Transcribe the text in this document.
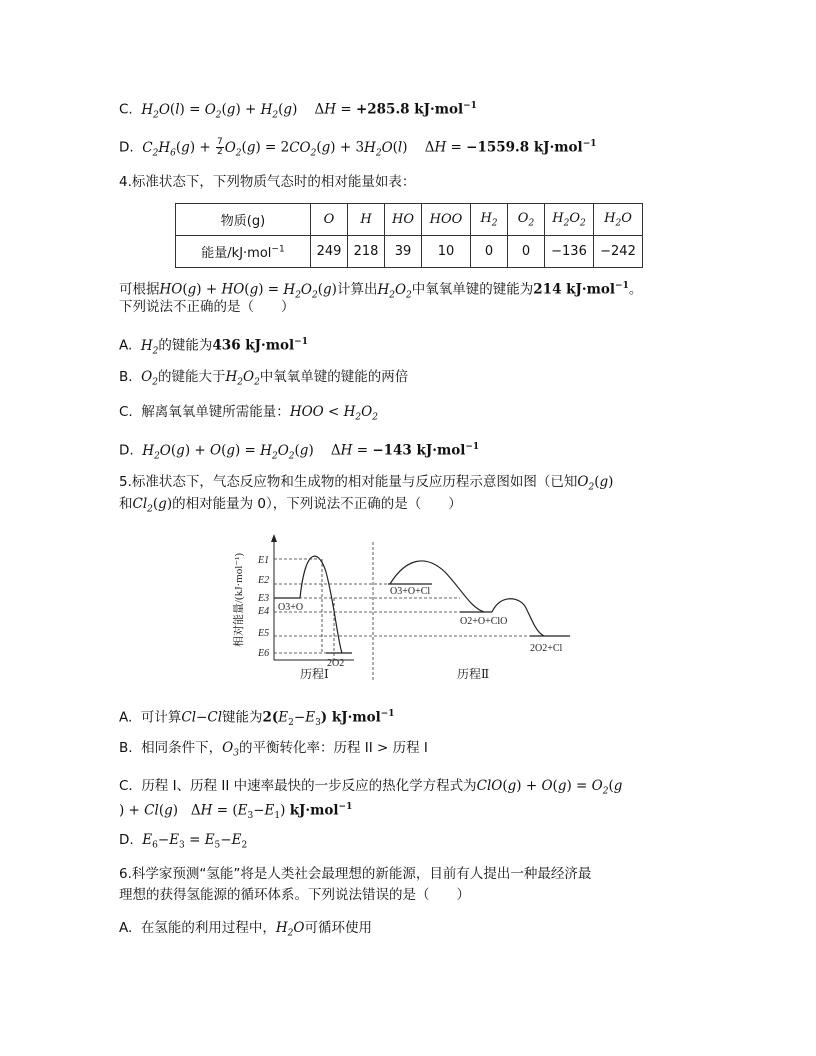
C. $H_2O(l) = O_2(g) + H_2(g) \Delta H = +285.8$ kJ·mol$^{-1}$
D. $C_2H_6(g) + \frac{7}{2} O_2(g) = 2CO_2(g) + 3H_2O(l) \Delta H = -1559.8$ kJ·mol$^{-1}$
4.标准状态下，下列物质气态时的相对能量如表：
物质(g)	O	H	HO	HOO	$H_2$	$O_2$	$H_2O_2$	$H_2O$
能量/kJ·mol$^{-1}$	249	218	39	10	0	0	−136	−242
可根据$HO(g) + HO(g) = H_2O_2(g)$计算出$H_2O_2$中氧氧单键的键能为214 kJ·mol$^{-1}$。
下列说法不正确的是（　　）
A. $H_2$的键能为436 kJ·mol$^{-1}$
B. $O_2$的键能大于$H_2O_2$中氧氧单键的键能的两倍
C. 解离氧氧单键所需能量：HOO < $H_2O_2$
D. $H_2O(g) + O(g) = H_2O_2(g) \Delta H = -143$ kJ·mol$^{-1}$
5.标准状态下，气态反应物和生成物的相对能量与反应历程示意图如图（已知$O_2(g)$
和$Cl_2(g)$的相对能量为 0），下列说法不正确的是（　　）
相对能量/(kJ·mol⁻¹) E1
E2
E3
E4
E5
E6
O3+O
2O2
历程Ⅰ
O3+O+Cl
O2+O+ClO
2O2+Cl
历程Ⅱ
A. 可计算Cl−Cl键能为$2(E_2-E_3)$ kJ·mol$^{-1}$
B. 相同条件下，$O_3$的平衡转化率：历程 II > 历程 I
C. 历程 I、历程 II 中速率最快的一步反应的热化学方程式为$ClO(g) + O(g) = O_2(g$
) + Cl(g) $\Delta H = (E_3-E_1)$ kJ·mol$^{-1}$
D. $E_6-E_3 = E_5-E_2$
6.科学家预测“氢能”将是人类社会最理想的新能源，目前有人提出一种最经济最
理想的获得氢能源的循环体系。下列说法错误的是（　　）
A. 在氢能的利用过程中，$H_2O$可循环使用
